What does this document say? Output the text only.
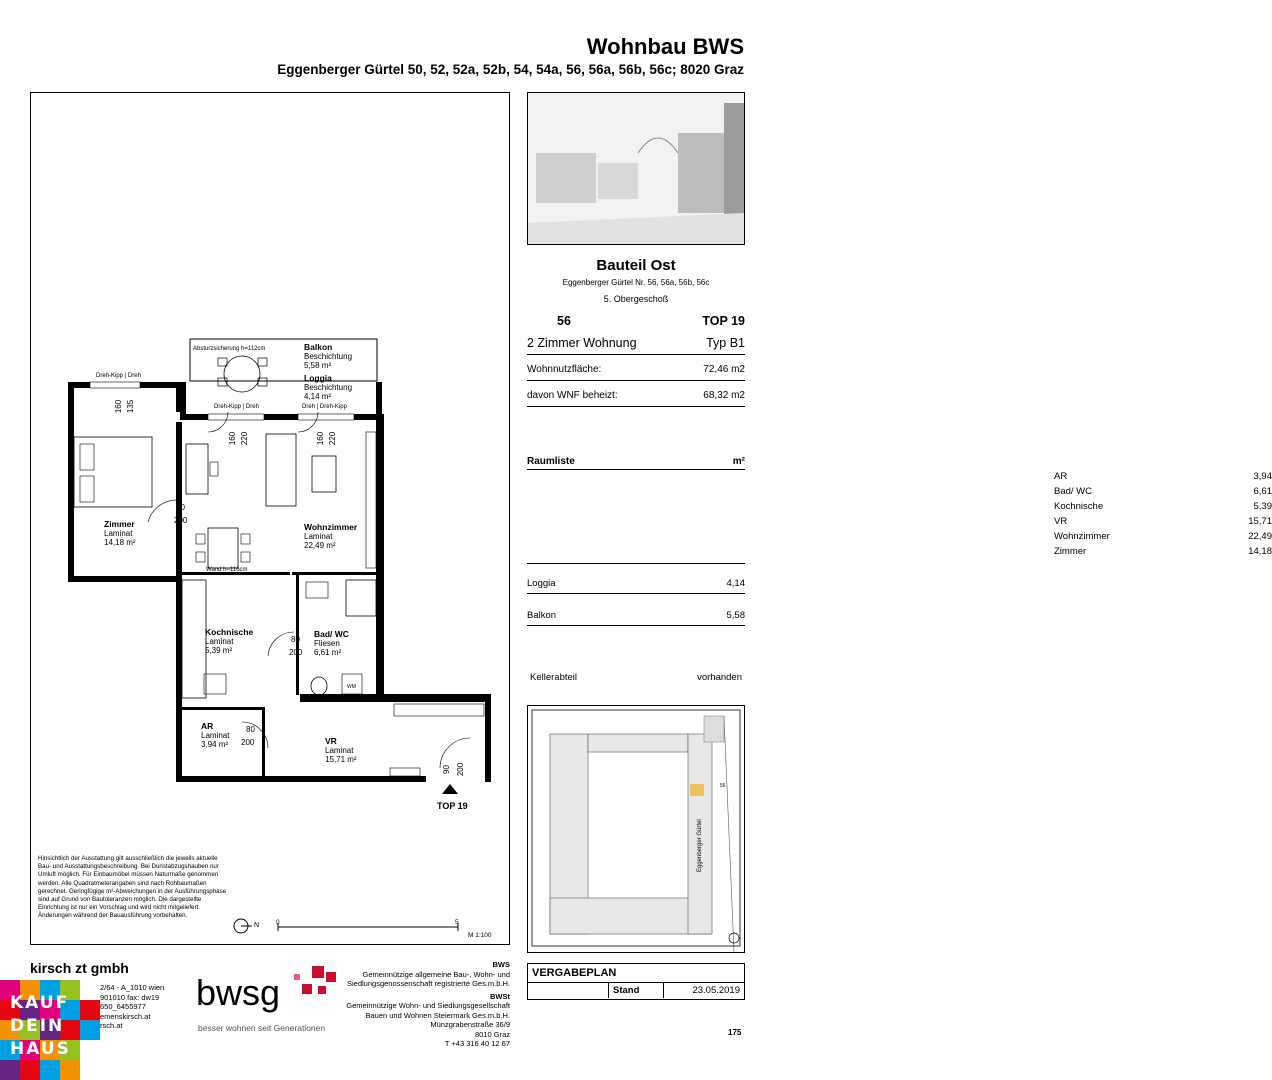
Wohnbau BWS
Eggenberger Gürtel 50, 52, 52a, 52b, 54, 54a, 56, 56a, 56b, 56c; 8020 Graz
Balkon
Beschichtung
5,58 m²
Loggia
Beschichtung
4,14 m²
Zimmer
Laminat
14,18 m²
Wohnzimmer
Laminat
22,49 m²
Kochnische
Laminat
5,39 m²
Bad/ WC
Fliesen
6,61 m²
AR
Laminat
3,94 m²	VR
Laminat
15,71 m²
Absturzsicherung h=112cm
Dreh-Kipp | Dreh
Dreh-Kipp | Dreh	Dreh | Dreh-Kipp
Wand h=116cm
WM
TOP 19
160 135
160 220	160 220
80
200
80
200
80
200
90 200
Hinsichtlich der Ausstattung gilt ausschließlich die jeweils aktuelle Bau- und Ausstattungsbeschreibung. Bei Dunstabzugshauben nur Umluft möglich. Für Einbaumöbel müssen Naturmaße genommen werden. Alle Quadratmeterangaben sind nach Rohbaumaßen gerechnet. Geringfügige m²-Abweichungen in der Ausführungsphase sind auf Grund von Bautoleranzen möglich. Die dargestellte Einrichtung ist nur ein Vorschlag und wird nicht mitgeliefert. Änderungen während der Bauausführung vorbehalten.
N	0	5
M 1:100
Bauteil Ost
Eggenberger Gürtel Nr. 56, 56a, 56b, 56c
5. Obergeschoß
56	TOP 19
2 Zimmer Wohnung	Typ B1
Wohnnutzfläche:	72,46 m2
davon WNF beheizt:	68,32 m2
Raumliste	m²
AR	3,94
Bad/ WC	6,61
Kochnische	5,39
VR	15,71
Wohnzimmer	22,49
Zimmer	14,18
Loggia	4,14
Balkon	5,58
Kellerabteil	vorhanden
56
Eggenberger Gürtel
VERGABEPLAN
Stand	23.05.2019
175
kirsch zt gmbh
2/64 - A_1010 wien
901010 fax: dw19
650_6455977
emenskirsch.at
rsch.at
bwsg
besser wohnen seit Generationen
BWS
Gemeinnützige allgemeine Bau-, Wohn- und
Siedlungsgenossenschaft registrierte Ges.m.b.H.
BWSt
Gemeinnützige Wohn- und Siedlungsgesellschaft
Bauen und Wohnen Steiermark Ges.m.b.H.
Münzgrabenstraße 36/9
8010 Graz
T +43 316 40 12 67
KAUF
DEIN
HAUS
